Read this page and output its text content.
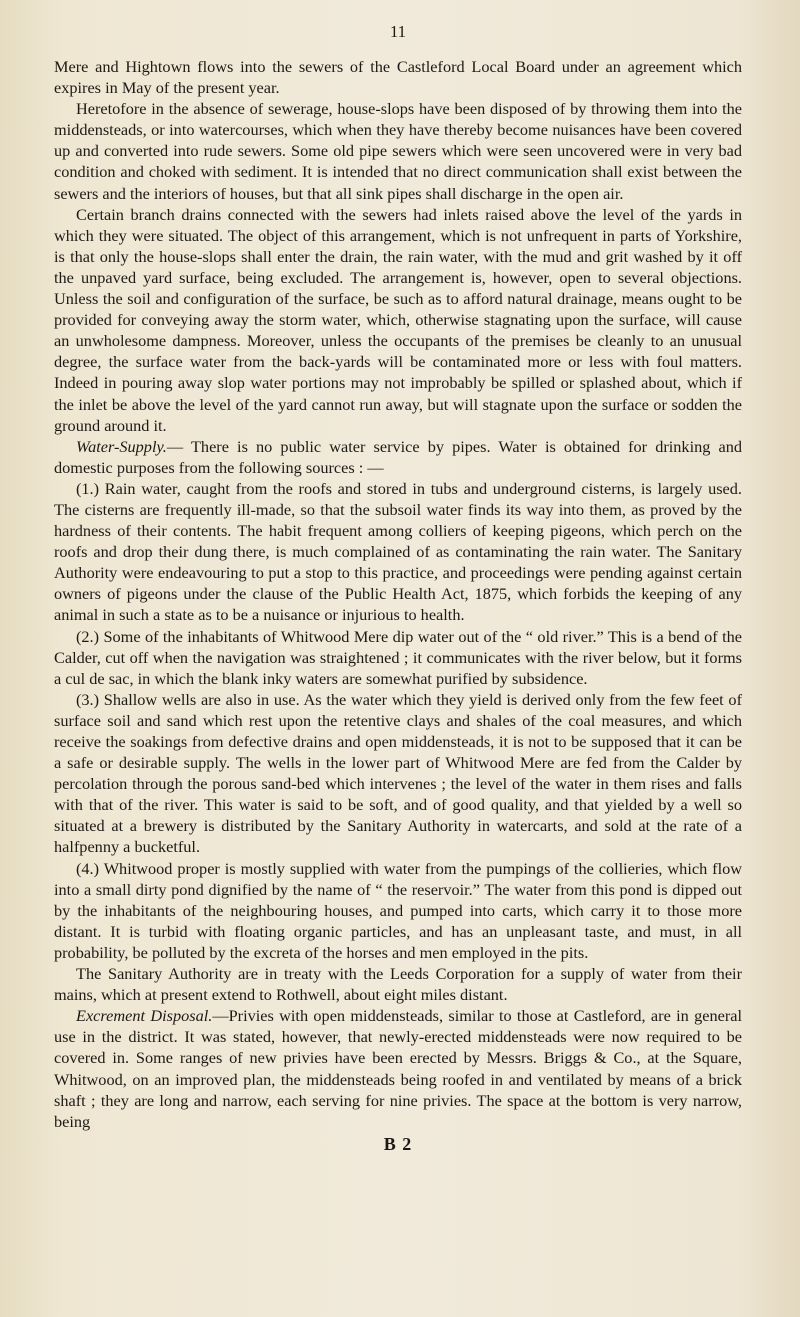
11

Mere and Hightown flows into the sewers of the Castleford Local Board under an agreement which expires in May of the present year.

Heretofore in the absence of sewerage, house-slops have been disposed of by throwing them into the middensteads, or into watercourses, which when they have thereby become nuisances have been covered up and converted into rude sewers. Some old pipe sewers which were seen uncovered were in very bad condition and choked with sediment. It is intended that no direct communication shall exist between the sewers and the interiors of houses, but that all sink pipes shall discharge in the open air.

Certain branch drains connected with the sewers had inlets raised above the level of the yards in which they were situated. The object of this arrangement, which is not unfrequent in parts of Yorkshire, is that only the house-slops shall enter the drain, the rain water, with the mud and grit washed by it off the unpaved yard surface, being excluded. The arrangement is, however, open to several objections. Unless the soil and configuration of the surface, be such as to afford natural drainage, means ought to be provided for conveying away the storm water, which, otherwise stagnating upon the surface, will cause an unwholesome dampness. Moreover, unless the occupants of the premises be cleanly to an unusual degree, the surface water from the back-yards will be contaminated more or less with foul matters. Indeed in pouring away slop water portions may not improbably be spilled or splashed about, which if the inlet be above the level of the yard cannot run away, but will stagnate upon the surface or sodden the ground around it.

Water-Supply.— There is no public water service by pipes. Water is obtained for drinking and domestic purposes from the following sources : —

(1.) Rain water, caught from the roofs and stored in tubs and underground cisterns, is largely used. The cisterns are frequently ill-made, so that the subsoil water finds its way into them, as proved by the hardness of their contents. The habit frequent among colliers of keeping pigeons, which perch on the roofs and drop their dung there, is much complained of as contaminating the rain water. The Sanitary Authority were endeavouring to put a stop to this practice, and proceedings were pending against certain owners of pigeons under the clause of the Public Health Act, 1875, which forbids the keeping of any animal in such a state as to be a nuisance or injurious to health.

(2.) Some of the inhabitants of Whitwood Mere dip water out of the “ old river.” This is a bend of the Calder, cut off when the navigation was straightened ; it communicates with the river below, but it forms a cul de sac, in which the blank inky waters are somewhat purified by subsidence.

(3.) Shallow wells are also in use. As the water which they yield is derived only from the few feet of surface soil and sand which rest upon the retentive clays and shales of the coal measures, and which receive the soakings from defective drains and open middensteads, it is not to be supposed that it can be a safe or desirable supply. The wells in the lower part of Whitwood Mere are fed from the Calder by percolation through the porous sand-bed which intervenes ; the level of the water in them rises and falls with that of the river. This water is said to be soft, and of good quality, and that yielded by a well so situated at a brewery is distributed by the Sanitary Authority in watercarts, and sold at the rate of a halfpenny a bucketful.

(4.) Whitwood proper is mostly supplied with water from the pumpings of the collieries, which flow into a small dirty pond dignified by the name of “ the reservoir.” The water from this pond is dipped out by the inhabitants of the neighbouring houses, and pumped into carts, which carry it to those more distant. It is turbid with floating organic particles, and has an unpleasant taste, and must, in all probability, be polluted by the excreta of the horses and men employed in the pits.

The Sanitary Authority are in treaty with the Leeds Corporation for a supply of water from their mains, which at present extend to Rothwell, about eight miles distant.

Excrement Disposal.—Privies with open middensteads, similar to those at Castleford, are in general use in the district. It was stated, however, that newly-erected middensteads were now required to be covered in. Some ranges of new privies have been erected by Messrs. Briggs & Co., at the Square, Whitwood, on an improved plan, the middensteads being roofed in and ventilated by means of a brick shaft ; they are long and narrow, each serving for nine privies. The space at the bottom is very narrow, being

B 2
